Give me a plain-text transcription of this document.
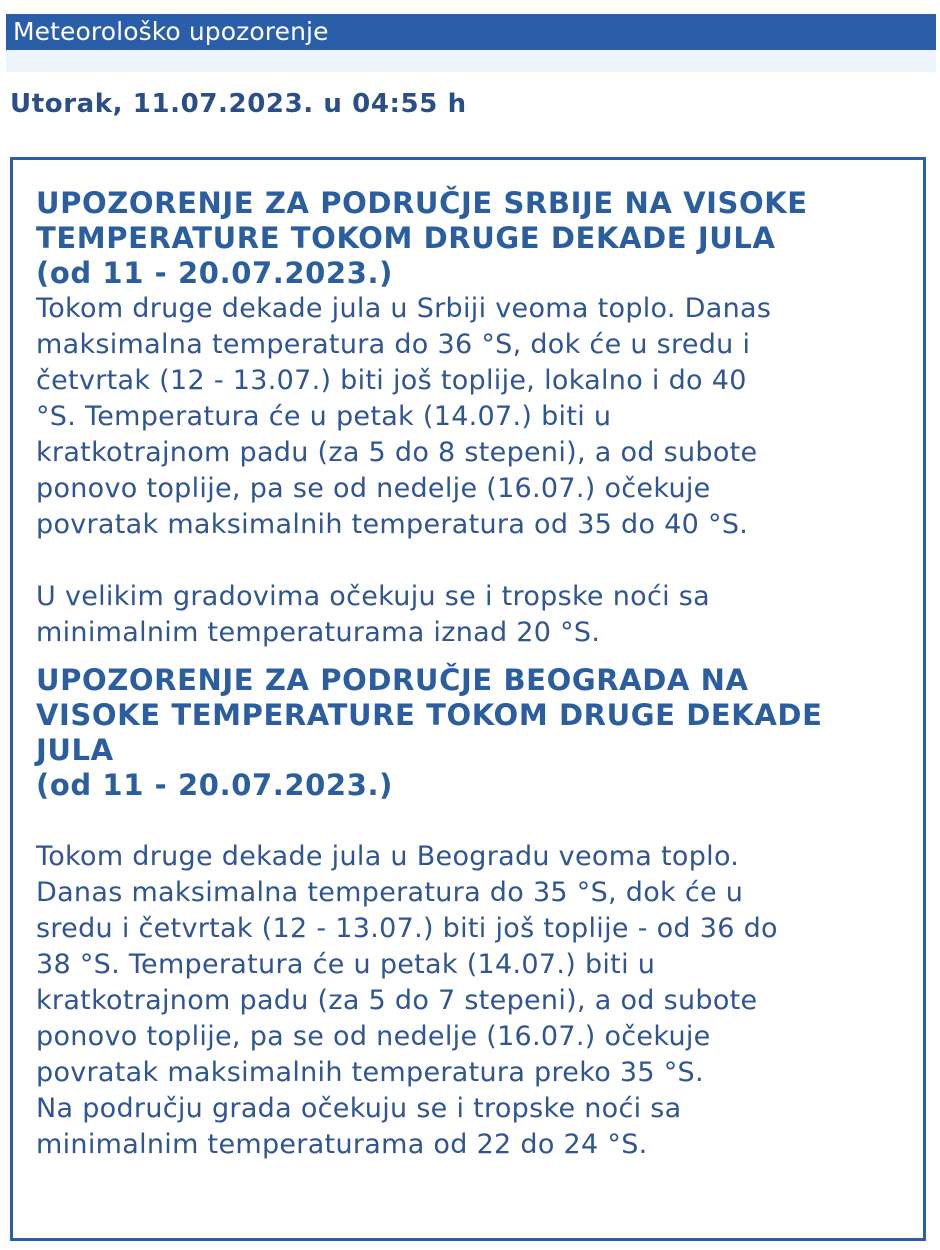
Meteorološko upozorenje
Utorak, 11.07.2023. u 04:55 h
UPOZORENJE ZA PODRUČJE SRBIJE NA VISOKE
TEMPERATURE TOKOM DRUGE DEKADE JULA
(od 11 - 20.07.2023.)

Tokom druge dekade jula u Srbiji veoma toplo. Danas
maksimalna temperatura do 36 °S, dok će u sredu i
četvrtak (12 - 13.07.) biti još toplije, lokalno i do 40
°S. Temperatura će u petak (14.07.) biti u
kratkotrajnom padu (za 5 do 8 stepeni), a od subote
ponovo toplije, pa se od nedelje (16.07.) očekuje
povratak maksimalnih temperatura od 35 do 40 °S.

U velikim gradovima očekuju se i tropske noći sa
minimalnim temperaturama iznad 20 °S.

UPOZORENJE ZA PODRUČJE BEOGRADA NA
VISOKE TEMPERATURE TOKOM DRUGE DEKADE
JULA
(od 11 - 20.07.2023.)

Tokom druge dekade jula u Beogradu veoma toplo.
Danas maksimalna temperatura do 35 °S, dok će u
sredu i četvrtak (12 - 13.07.) biti još toplije - od 36 do
38 °S. Temperatura će u petak (14.07.) biti u
kratkotrajnom padu (za 5 do 7 stepeni), a od subote
ponovo toplije, pa se od nedelje (16.07.) očekuje
povratak maksimalnih temperatura preko 35 °S.
Na području grada očekuju se i tropske noći sa
minimalnim temperaturama od 22 do 24 °S.
